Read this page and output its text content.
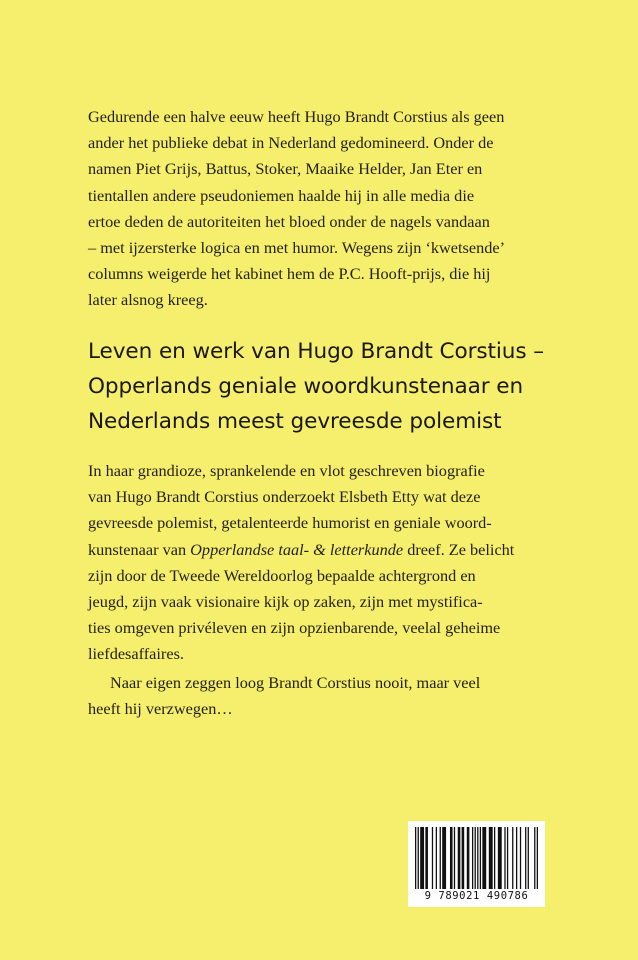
Gedurende een halve eeuw heeft Hugo Brandt Corstius als geen
ander het publieke debat in Nederland gedomineerd. Onder de
namen Piet Grijs, Battus, Stoker, Maaike Helder, Jan Eter en
tientallen andere pseudoniemen haalde hij in alle media die
ertoe deden de autoriteiten het bloed onder de nagels vandaan
– met ijzersterke logica en met humor. Wegens zijn ‘kwetsende’
columns weigerde het kabinet hem de P.C. Hooft-prijs, die hij
later alsnog kreeg.
Leven en werk van Hugo Brandt Corstius –
Opperlands geniale woordkunstenaar en
Nederlands meest gevreesde polemist
In haar grandioze, sprankelende en vlot geschreven biografie
van Hugo Brandt Corstius onderzoekt Elsbeth Etty wat deze
gevreesde polemist, getalenteerde humorist en geniale woord-
kunstenaar van Opperlandse taal- & letterkunde dreef. Ze belicht
zijn door de Tweede Wereldoorlog bepaalde achtergrond en
jeugd, zijn vaak visionaire kijk op zaken, zijn met mystifica-
ties omgeven privéleven en zijn opzienbarende, veelal geheime
liefdesaffaires.
Naar eigen zeggen loog Brandt Corstius nooit, maar veel
heeft hij verzwegen…
9 789021 490786
